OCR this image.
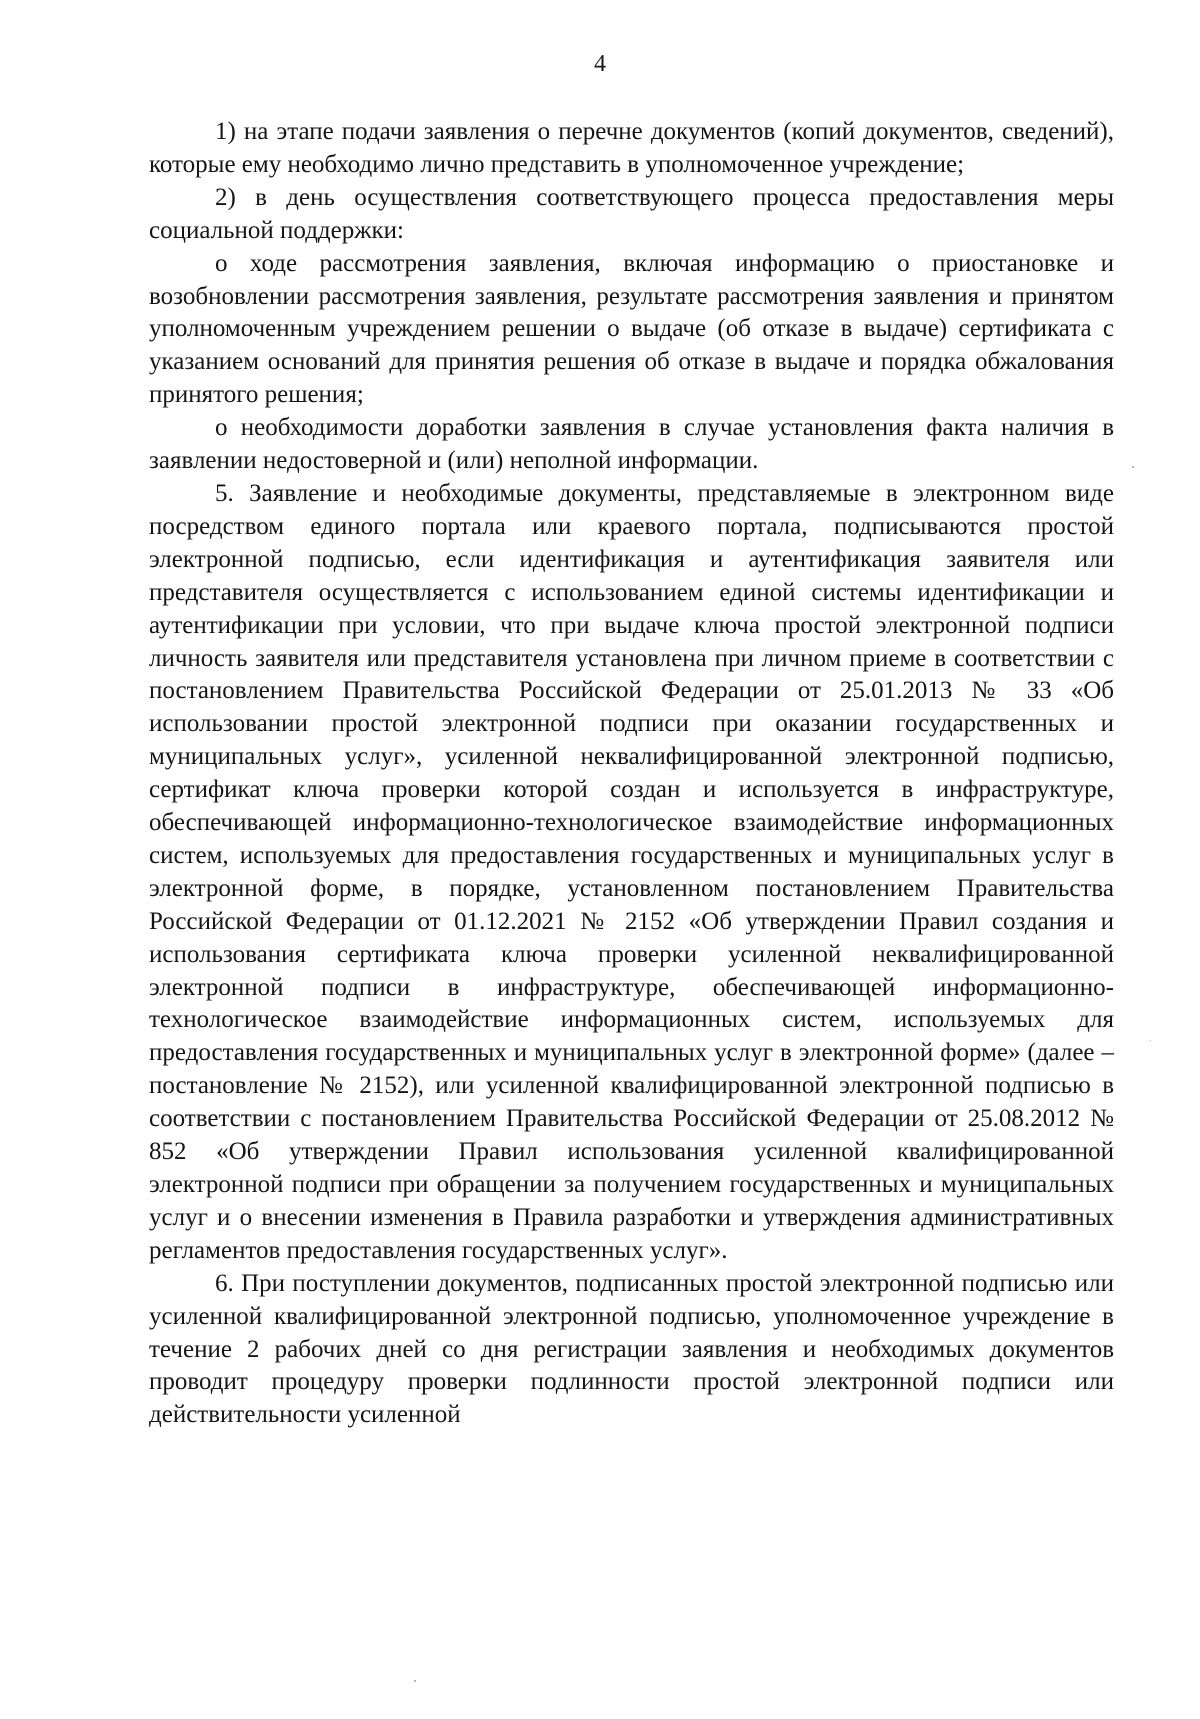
4

1) на этапе подачи заявления о перечне документов (копий документов, сведений), которые ему необходимо лично представить в уполномоченное учреждение;

2) в день осуществления соответствующего процесса предоставления меры социальной поддержки:

о ходе рассмотрения заявления, включая информацию о приостановке и возобновлении рассмотрения заявления, результате рассмотрения заявления и принятом уполномоченным учреждением решении о выдаче (об отказе в выдаче) сертификата с указанием оснований для принятия решения об отказе в выдаче и порядка обжалования принятого решения;

о необходимости доработки заявления в случае установления факта наличия в заявлении недостоверной и (или) неполной информации.

5. Заявление и необходимые документы, представляемые в электронном виде посредством единого портала или краевого портала, подписываются простой электронной подписью, если идентификация и аутентификация заявителя или представителя осуществляется с использованием единой системы идентификации и аутентификации при условии, что при выдаче ключа простой электронной подписи личность заявителя или представителя установлена при личном приеме в соответствии с постановлением Правительства Российской Федерации от 25.01.2013 № 33 «Об использовании простой электронной подписи при оказании государственных и муниципальных услуг», усиленной неквалифицированной электронной подписью, сертификат ключа проверки которой создан и используется в инфраструктуре, обеспечивающей информационно-технологическое взаимодействие информационных систем, используемых для предоставления государственных и муниципальных услуг в электронной форме, в порядке, установленном постановлением Правительства Российской Федерации от 01.12.2021 № 2152 «Об утверждении Правил создания и использования сертификата ключа проверки усиленной неквалифицированной электронной подписи в инфраструктуре, обеспечивающей информационно-технологическое взаимодействие информационных систем, используемых для предоставления государственных и муниципальных услуг в электронной форме» (далее – постановление № 2152), или усиленной квалифицированной электронной подписью в соответствии с постановлением Правительства Российской Федерации от 25.08.2012 № 852 «Об утверждении Правил использования усиленной квалифицированной электронной подписи при обращении за получением государственных и муниципальных услуг и о внесении изменения в Правила разработки и утверждения административных регламентов предоставления государственных услуг».

6. При поступлении документов, подписанных простой электронной подписью или усиленной квалифицированной электронной подписью, уполномоченное учреждение в течение 2 рабочих дней со дня регистрации заявления и необходимых документов проводит процедуру проверки подлинности простой электронной подписи или действительности усиленной
